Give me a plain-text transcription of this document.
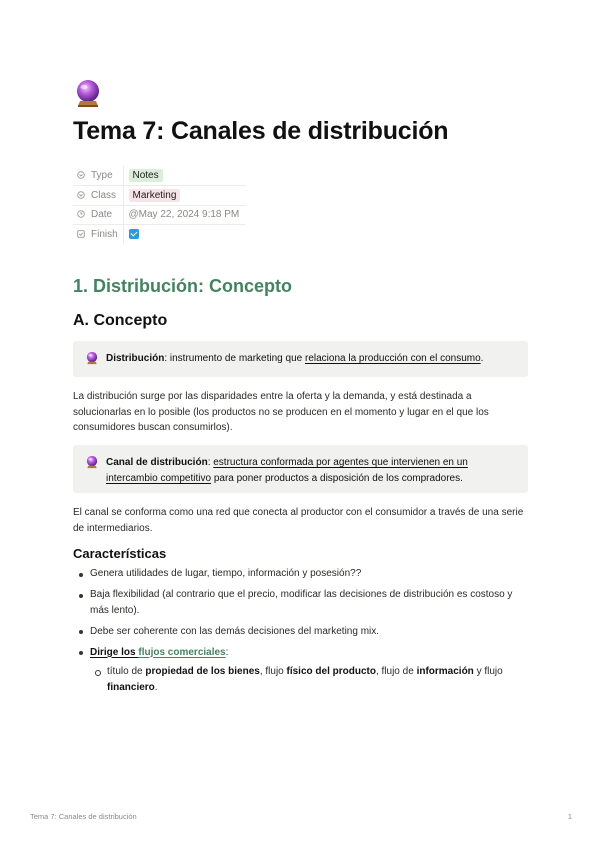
Tema 7: Canales de distribución
Type	Notes
Class	Marketing
Date	@May 22, 2024 9:18 PM
Finish	
1. Distribución: Concepto
A. Concepto
Distribución: instrumento de marketing que relaciona la producción con el consumo.
La distribución surge por las disparidades entre la oferta y la demanda, y está destinada a solucionarlas en lo posible (los productos no se producen en el momento y lugar en el que los consumidores buscan consumirlos).
Canal de distribución: estructura conformada por agentes que intervienen en un intercambio competitivo para poner productos a disposición de los compradores.
El canal se conforma como una red que conecta al productor con el consumidor a través de una serie de intermediarios.
Características
Genera utilidades de lugar, tiempo, información y posesión??
Baja flexibilidad (al contrario que el precio, modificar las decisiones de distribución es costoso y más lento).
Debe ser coherente con las demás decisiones del marketing mix.
Dirige los flujos comerciales:
título de propiedad de los bienes, flujo físico del producto, flujo de información y flujo financiero.
Tema 7: Canales de distribución	1
